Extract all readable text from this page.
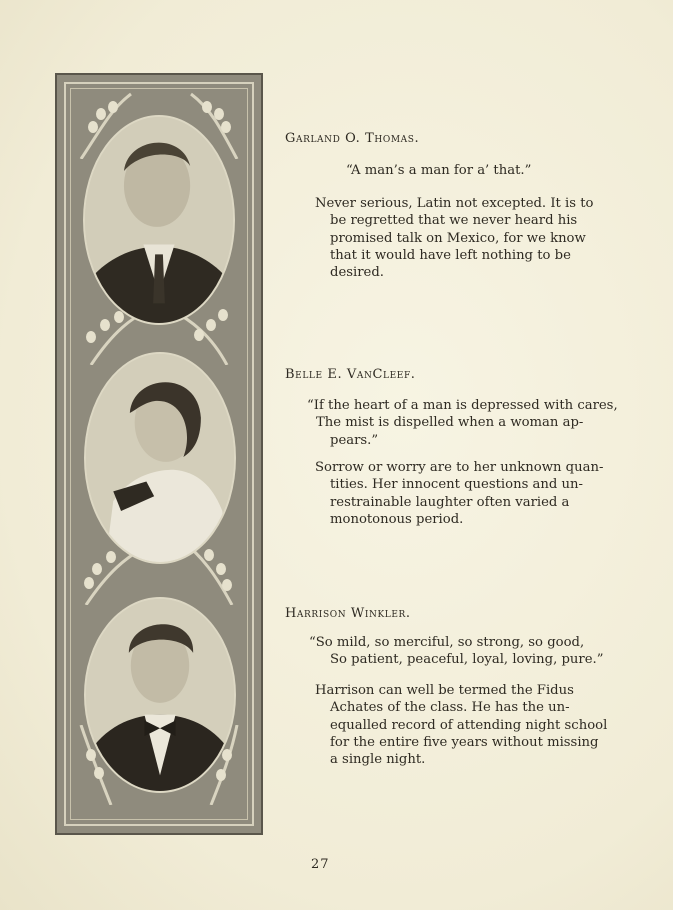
Garland O. Thomas.
“A man’s a man for a’ that.”
Never serious, Latin not excepted. It is to
be regretted that we never heard his
promised talk on Mexico, for we know
that it would have left nothing to be
desired.
Belle E. VanCleef.
“If the heart of a man is depressed with cares,
The mist is dispelled when a woman ap-
pears.”
Sorrow or worry are to her unknown quan-
tities. Her innocent questions and un-
restrainable laughter often varied a
monotonous period.
Harrison Winkler.
“So mild, so merciful, so strong, so good,
So patient, peaceful, loyal, loving, pure.”
Harrison can well be termed the Fidus
Achates of the class. He has the un-
equalled record of attending night school
for the entire five years without missing
a single night.
27
